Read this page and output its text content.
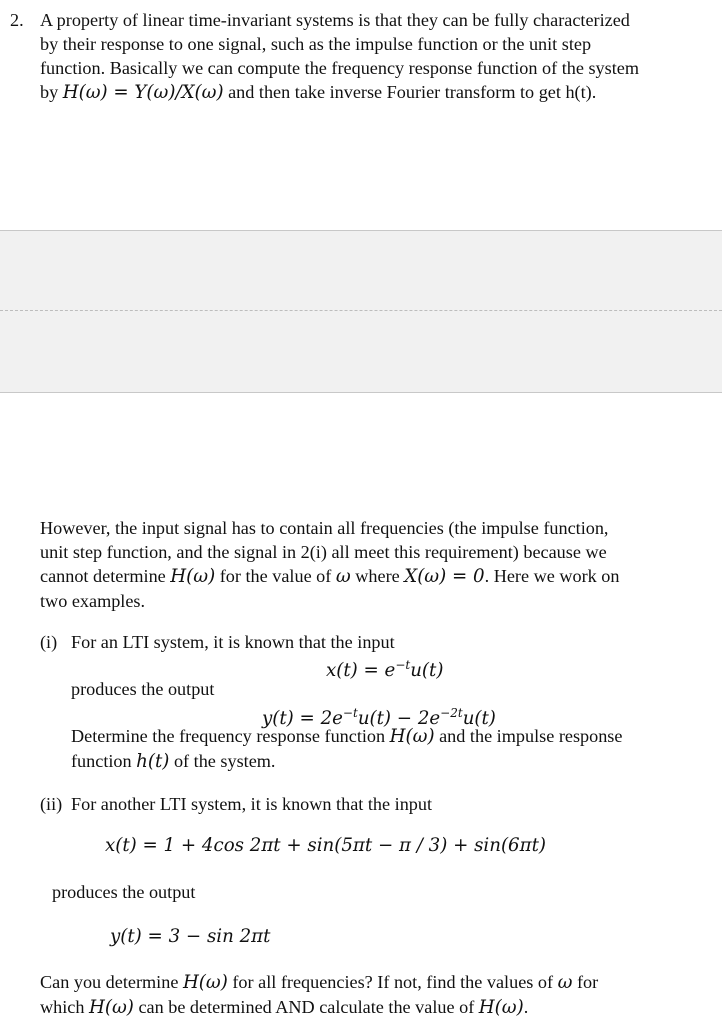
2. A property of linear time-invariant systems is that they can be fully characterized

by their response to one signal, such as the impulse function or the unit step

function. Basically we can compute the frequency response function of the system

by H(ω) = Y(ω)/X(ω) and then take inverse Fourier transform to get h(t).

However, the input signal has to contain all frequencies (the impulse function,

unit step function, and the signal in 2(i) all meet this requirement) because we

cannot determine H(ω) for the value of ω where X(ω) = 0. Here we work on

two examples.

(i) For an LTI system, it is known that the input
$x(t) = e^{-t}u(t)$
produces the output
$y(t) = 2e^{-t}u(t) - 2e^{-2t}u(t)$

Determine the frequency response function H(ω) and the impulse response

function h(t) of the system.

(ii) For another LTI system, it is known that the input
x(t) = 1 + 4cos 2πt + sin(5πt − π / 3) + sin(6πt)
produces the output
y(t) = 3 − sin 2πt

Can you determine H(ω) for all frequencies? If not, find the values of ω for

which H(ω) can be determined AND calculate the value of H(ω).
